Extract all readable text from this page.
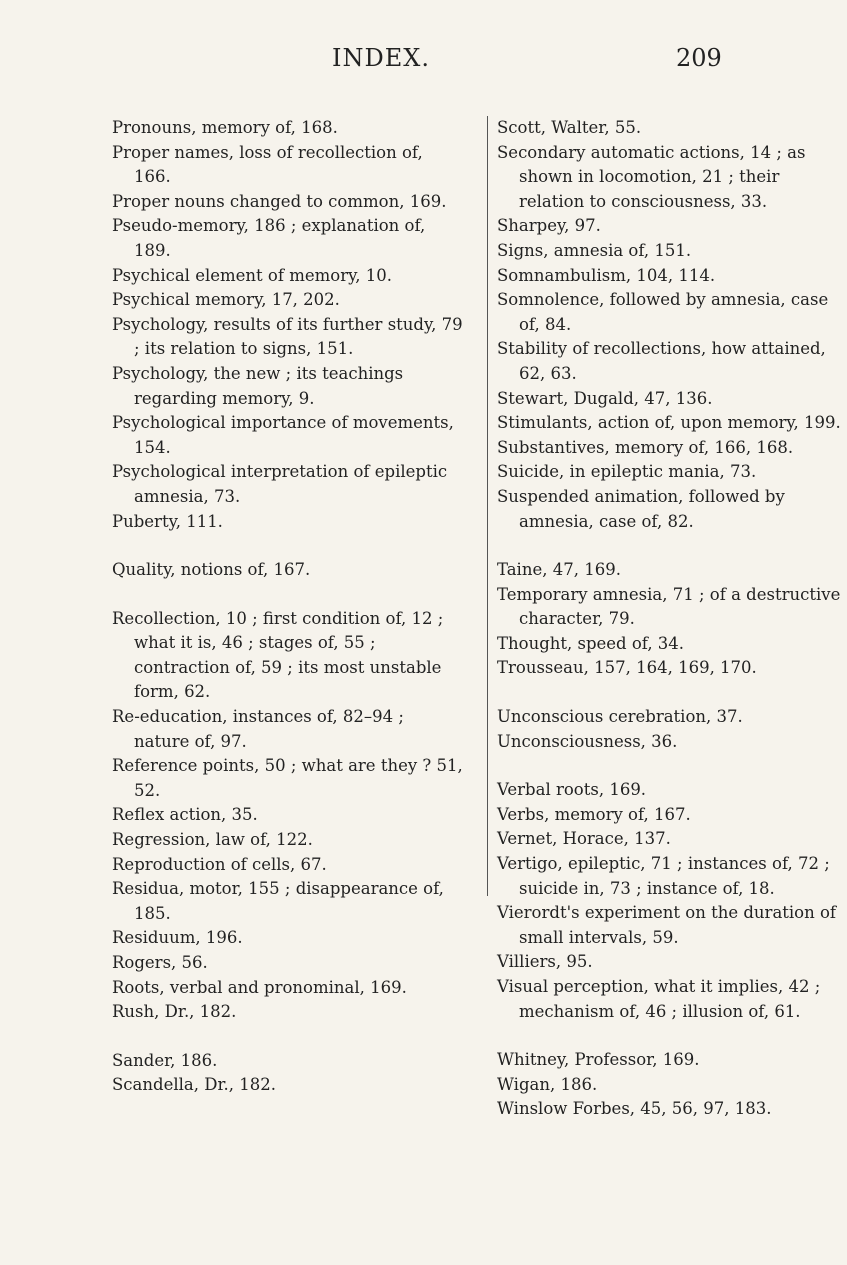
INDEX.	209

Pronouns, memory of, 168.

Proper names, loss of recollection of, 166.

Proper nouns changed to common, 169.

Pseudo-memory, 186 ; explanation of, 189.

Psychical element of memory, 10.

Psychical memory, 17, 202.

Psychology, results of its further study, 79 ; its relation to signs, 151.

Psychology, the new ; its teachings regarding memory, 9.

Psychological importance of movements, 154.

Psychological interpretation of epileptic amnesia, 73.

Puberty, 111.

Quality, notions of, 167.

Recollection, 10 ; first condition of, 12 ; what it is, 46 ; stages of, 55 ; contraction of, 59 ; its most unstable form, 62.

Re-education, instances of, 82–94 ; nature of, 97.

Reference points, 50 ; what are they ? 51, 52.

Reflex action, 35.

Regression, law of, 122.

Reproduction of cells, 67.

Residua, motor, 155 ; disappearance of, 185.

Residuum, 196.

Rogers, 56.

Roots, verbal and pronominal, 169.

Rush, Dr., 182.

Sander, 186.

Scandella, Dr., 182.

Scott, Walter, 55.

Secondary automatic actions, 14 ; as shown in locomotion, 21 ; their relation to consciousness, 33.

Sharpey, 97.

Signs, amnesia of, 151.

Somnambulism, 104, 114.

Somnolence, followed by amnesia, case of, 84.

Stability of recollections, how attained, 62, 63.

Stewart, Dugald, 47, 136.

Stimulants, action of, upon memory, 199.

Substantives, memory of, 166, 168.

Suicide, in epileptic mania, 73.

Suspended animation, followed by amnesia, case of, 82.

Taine, 47, 169.

Temporary amnesia, 71 ; of a destructive character, 79.

Thought, speed of, 34.

Trousseau, 157, 164, 169, 170.

Unconscious cerebration, 37.

Unconsciousness, 36.

Verbal roots, 169.

Verbs, memory of, 167.

Vernet, Horace, 137.

Vertigo, epileptic, 71 ; instances of, 72 ; suicide in, 73 ; instance of, 18.

Vierordt's experiment on the duration of small intervals, 59.

Villiers, 95.

Visual perception, what it implies, 42 ; mechanism of, 46 ; illusion of, 61.

Whitney, Professor, 169.

Wigan, 186.

Winslow Forbes, 45, 56, 97, 183.
